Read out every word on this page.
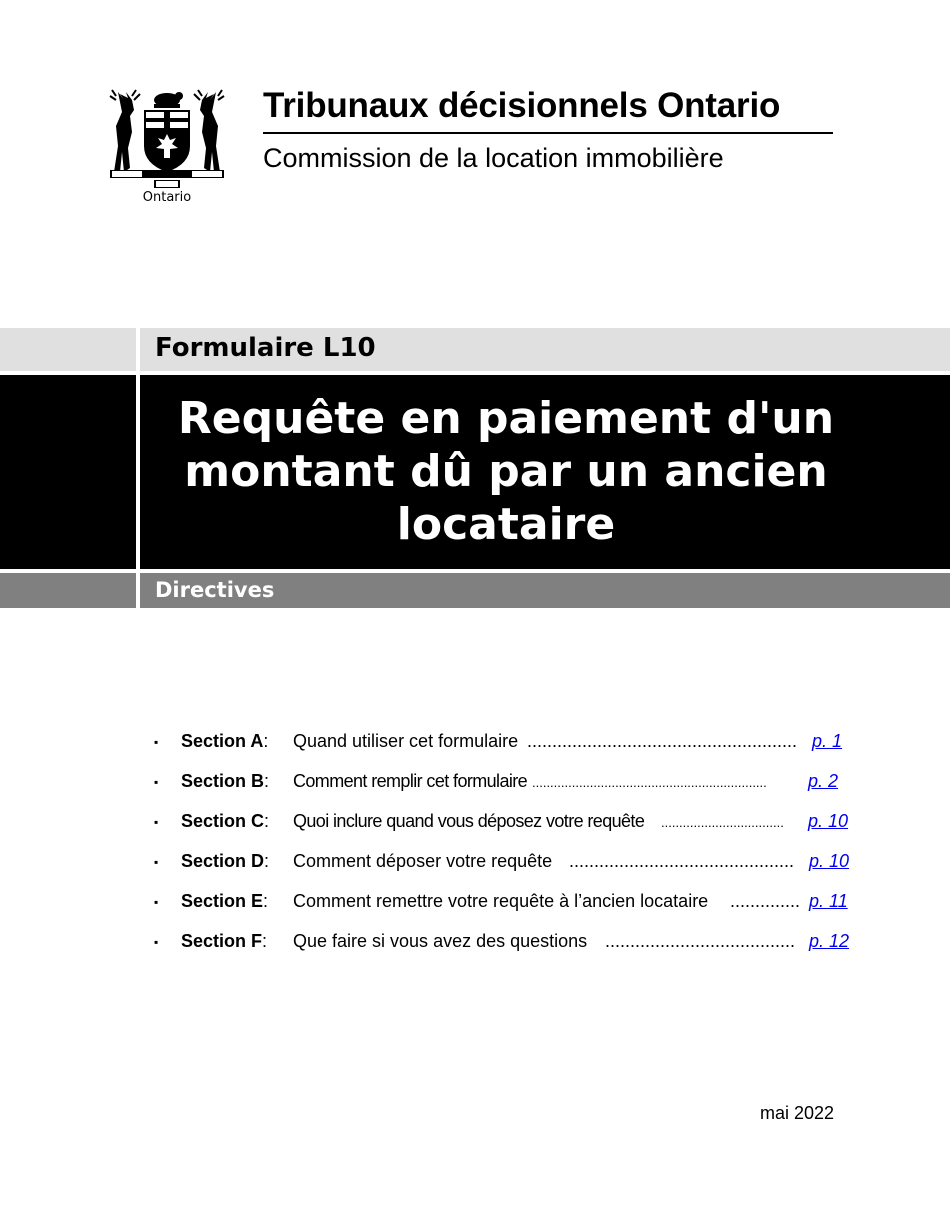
Ontario
Tribunaux décisionnels Ontario
Commission de la location immobilière
Formulaire L10
Requête en paiement d'un montant dû par un ancien locataire
Directives
▪ Section A: Quand utiliser cet formulaire ...................................................... p. 1
▪ Section B: Comment remplir cet formulaire .................................................................	p. 2
▪ Section C: Quoi inclure quand vous déposez votre requête ..................................	p. 10
▪ Section D: Comment déposer votre requête ............................................. p. 10
▪ Section E: Comment remettre votre requête à l’ancien locataire .............. p. 11
▪ Section F: Que faire si vous avez des questions ...................................... p. 12
mai 2022
